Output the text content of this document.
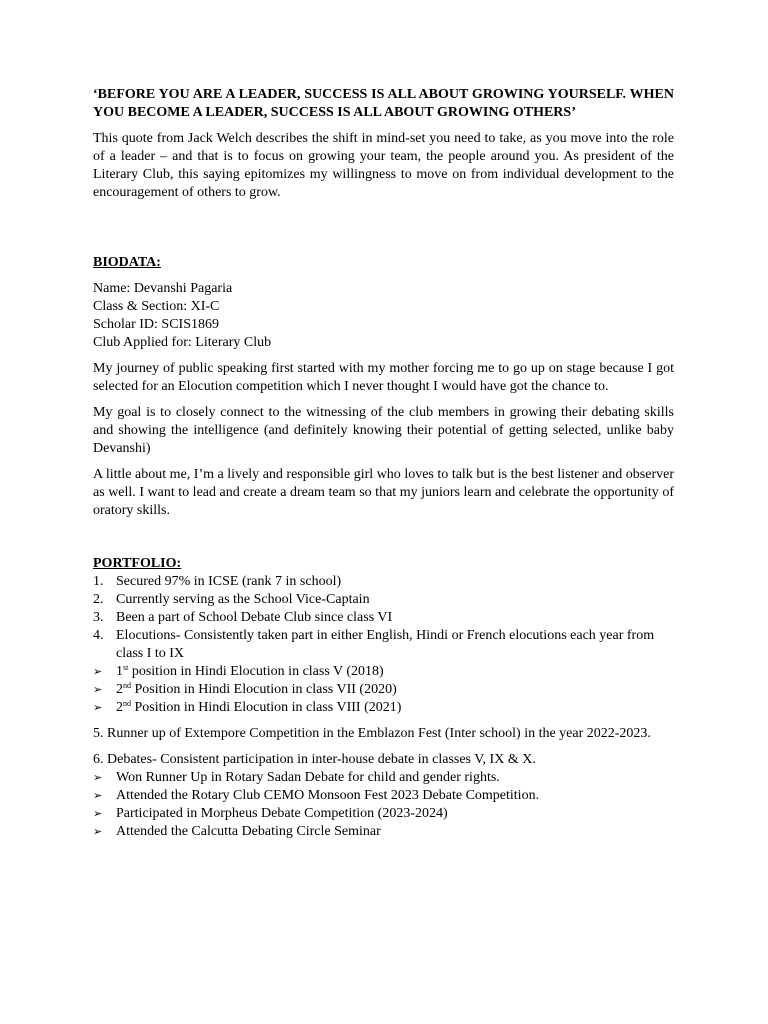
‘BEFORE YOU ARE A LEADER, SUCCESS IS ALL ABOUT GROWING YOURSELF. WHEN YOU BECOME A LEADER, SUCCESS IS ALL ABOUT GROWING OTHERS’

This quote from Jack Welch describes the shift in mind-set you need to take, as you move into the role of a leader – and that is to focus on growing your team, the people around you. As president of the Literary Club, this saying epitomizes my willingness to move on from individual development to the encouragement of others to grow.

BIODATA:

Name: Devanshi Pagaria
Class & Section: XI-C
Scholar ID: SCIS1869
Club Applied for: Literary Club

My journey of public speaking first started with my mother forcing me to go up on stage because I got selected for an Elocution competition which I never thought I would have got the chance to.

My goal is to closely connect to the witnessing of the club members in growing their debating skills and showing the intelligence (and definitely knowing their potential of getting selected, unlike baby Devanshi)

A little about me, I’m a lively and responsible girl who loves to talk but is the best listener and observer as well. I want to lead and create a dream team so that my juniors learn and celebrate the opportunity of oratory skills.

PORTFOLIO:

1. Secured 97% in ICSE (rank 7 in school)
2. Currently serving as the School Vice-Captain
3. Been a part of School Debate Club since class VI
4. Elocutions- Consistently taken part in either English, Hindi or French elocutions each year from class I to IX
➢ 1st position in Hindi Elocution in class V (2018)
➢ 2nd Position in Hindi Elocution in class VII (2020)
➢ 2nd Position in Hindi Elocution in class VIII (2021)

5. Runner up of Extempore Competition in the Emblazon Fest (Inter school) in the year 2022-2023.

6. Debates- Consistent participation in inter-house debate in classes V, IX & X.

➢ Won Runner Up in Rotary Sadan Debate for child and gender rights.
➢ Attended the Rotary Club CEMO Monsoon Fest 2023 Debate Competition.
➢ Participated in Morpheus Debate Competition (2023-2024)
➢ Attended the Calcutta Debating Circle Seminar
